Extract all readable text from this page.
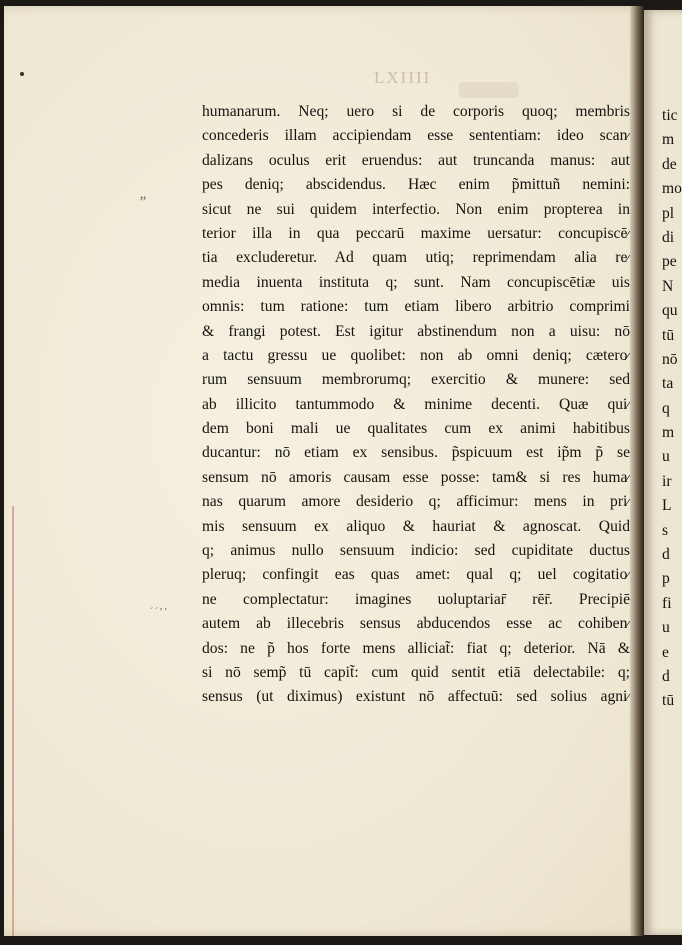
LXIIII
”
´´ʼʼ
humanarum. Neq; uero si de corporis quoq; membris
concederis illam accipiendam esse sententiam: ideo scan∕
dalizans oculus erit eruendus: aut truncanda manus: aut
pes deniq; abscidendus. Hæc enim p̃mittuñ nemini:
sicut ne sui quidem interfectio. Non enim propterea in
terior illa in qua peccarū maxime uersatur: concupiscē∕
tia excluderetur. Ad quam utiq; reprimendam alia re∕
media inuenta instituta q; sunt. Nam concupiscētiæ uis
omnis: tum ratione: tum etiam libero arbitrio comprimi
& frangi potest. Est igitur abstinendum non a uisu: nō
a tactu gressu ue quolibet: non ab omni deniq; cætero∕
rum sensuum membrorumq; exercitio & munere: sed
ab illicito tantummodo & minime decenti. Quæ qui∕
dem boni mali ue qualitates cum ex animi habitibus
ducantur: nō etiam ex sensibus. p̃spicuum est ip̃m p̃ se
sensum nō amoris causam esse posse: tam& si res huma∕
nas quarum amore desiderio q; afficimur: mens in pri∕
mis sensuum ex aliquo & hauriat & agnoscat. Quid
q; animus nullo sensuum indicio: sed cupiditate ductus
pleruq; confingit eas quas amet: qual q; uel cogitatio∕
ne complectatur: imagines uoluptariar̄ rēr̄. Precipiē
autem ab illecebris sensus abducendos esse ac cohiben∕
dos: ne p̃ hos forte mens alliciat̃: fiat q; deterior. Nā &
si nō semp̃ tū capit̃: cum quid sentit etiā delectabile: q;
sensus (ut diximus) existunt nō affectuū: sed solius agni∕
tic
m
de
mo
pl
di
pe
N
qu
tū
nō
ta
q
m
u
ir
L
s
d
p
fi
u
e
d
tū
